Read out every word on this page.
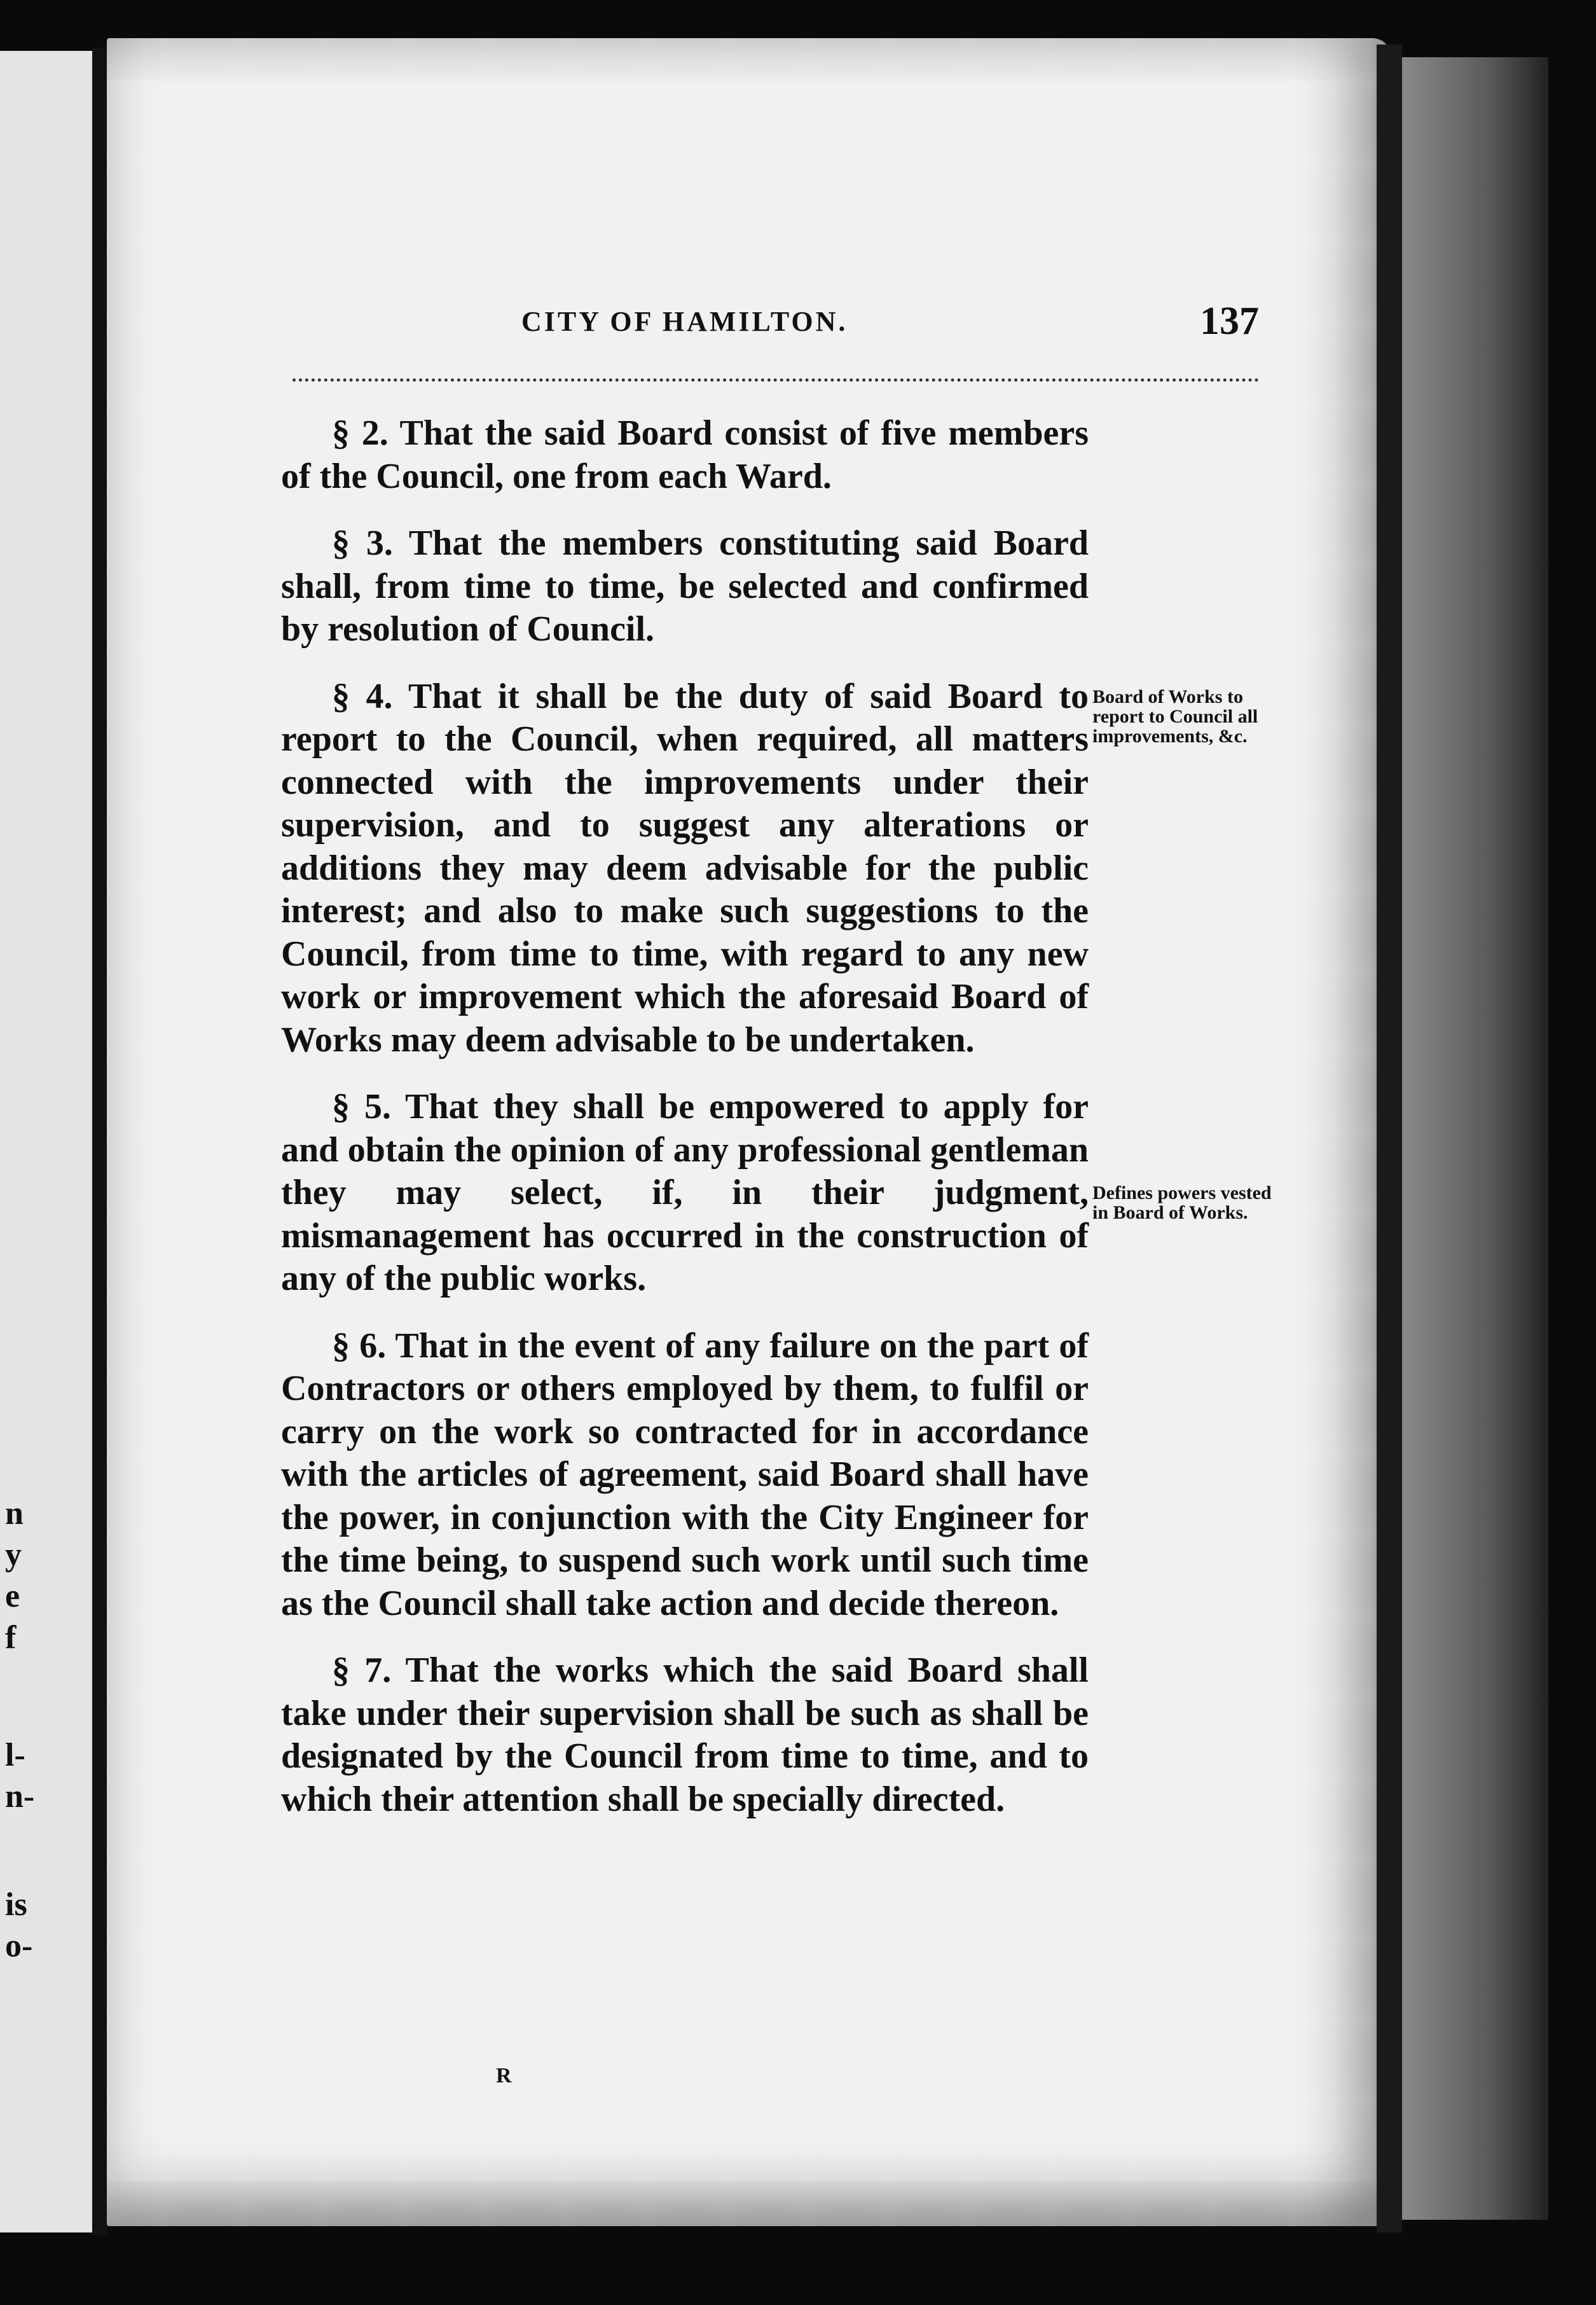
n
y
e
f
l-
n-
is
o-
CITY OF HAMILTON.	137

§ 2. That the said Board consist of five members of the Council, one from each Ward.

§ 3. That the members constituting said Board shall, from time to time, be selected and confirmed by resolution of Council.

§ 4. That it shall be the duty of said Board to report to the Council, when required, all matters connected with the improvements under their supervision, and to suggest any alterations or additions they may deem advisable for the public interest; and also to make such suggestions to the Council, from time to time, with regard to any new work or improvement which the aforesaid Board of Works may deem advisable to be undertaken.

§ 5. That they shall be empowered to apply for and obtain the opinion of any professional gentleman they may select, if, in their judgment, mismanagement has occurred in the construction of any of the public works.

§ 6. That in the event of any failure on the part of Contractors or others employed by them, to fulfil or carry on the work so contracted for in accordance with the articles of agreement, said Board shall have the power, in conjunction with the City Engineer for the time being, to suspend such work until such time as the Council shall take action and decide thereon.

§ 7. That the works which the said Board shall take under their supervision shall be such as shall be designated by the Council from time to time, and to which their attention shall be specially directed.

Board of Works to report to Council all improvements, &c.
Defines powers vested in Board of Works.
R
